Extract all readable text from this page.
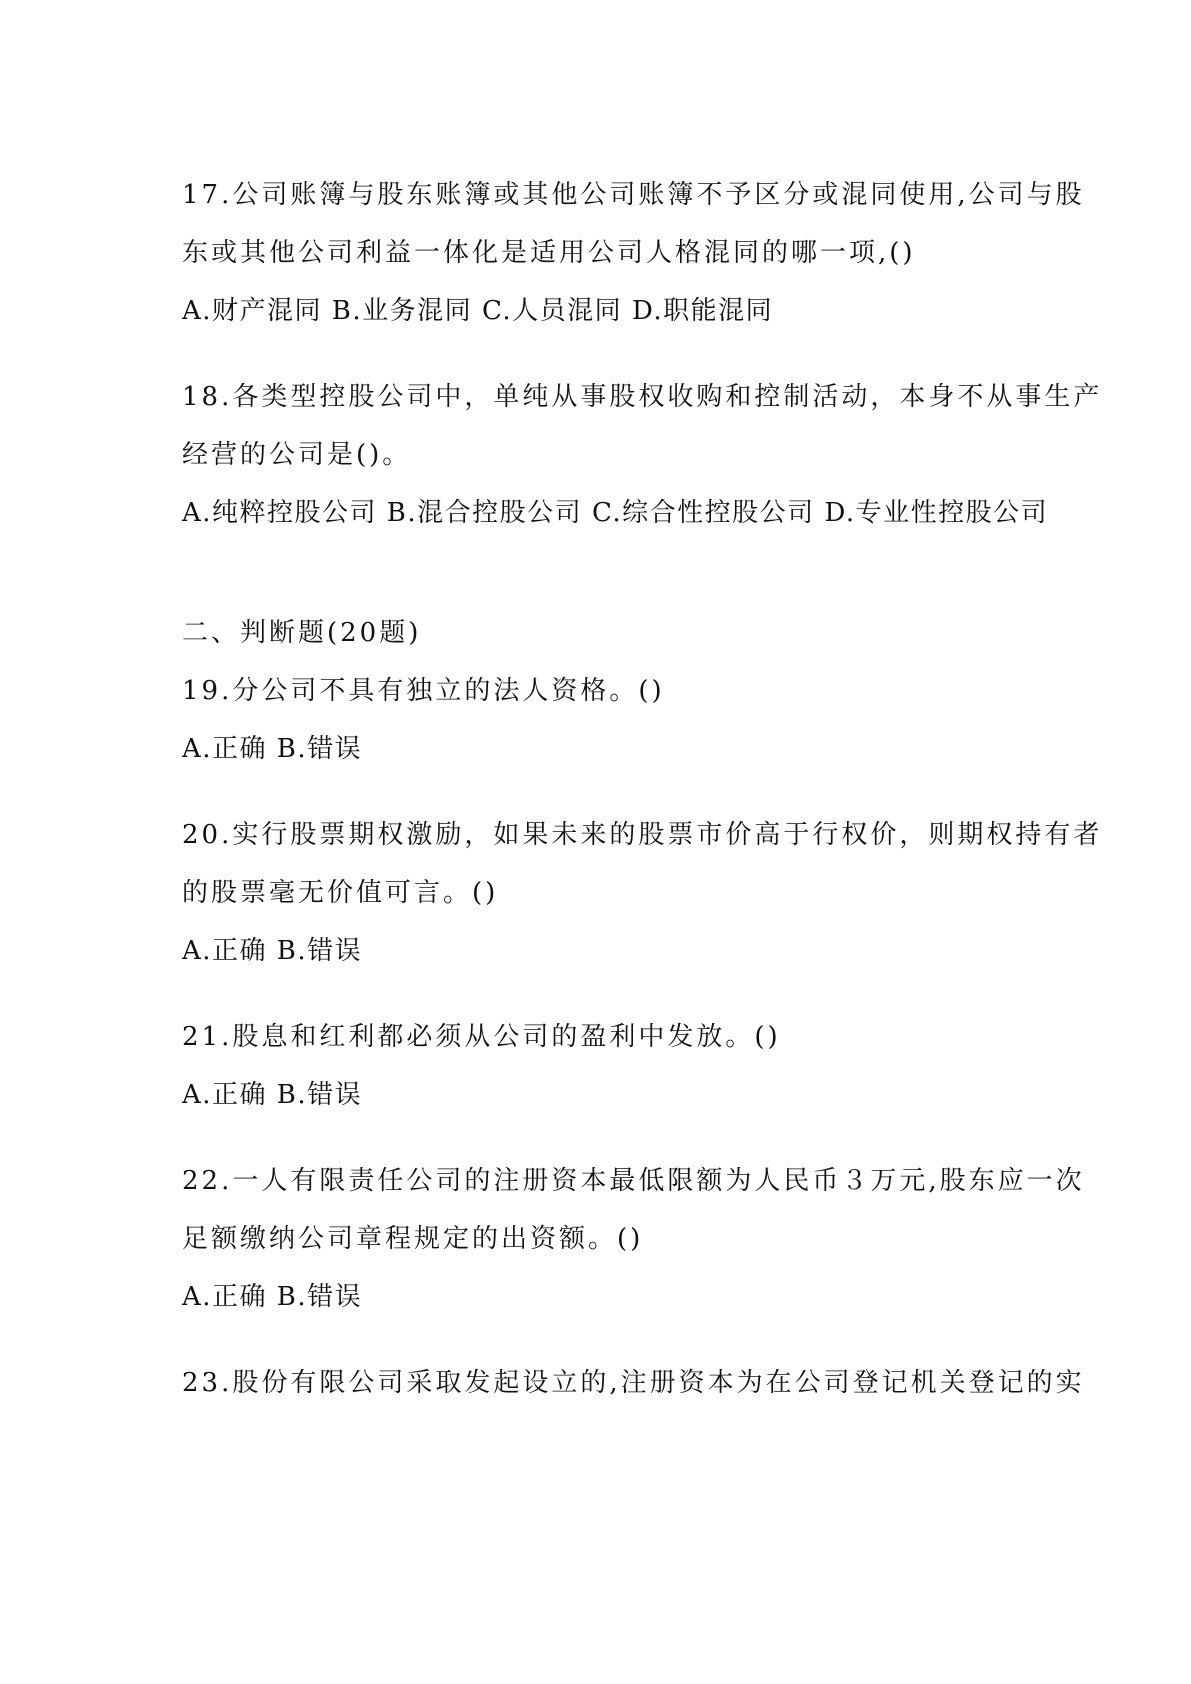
17.公司账簿与股东账簿或其他公司账簿不予区分或混同使用,公司与股
东或其他公司利益一体化是适用公司人格混同的哪一项,()
A.财产混同 B.业务混同 C.人员混同 D.职能混同
18.各类型控股公司中，单纯从事股权收购和控制活动，本身不从事生产
经营的公司是()。
A.纯粹控股公司 B.混合控股公司 C.综合性控股公司 D.专业性控股公司
二、判断题(20题)
19.分公司不具有独立的法人资格。()
A.正确 B.错误
20.实行股票期权激励，如果未来的股票市价高于行权价，则期权持有者
的股票毫无价值可言。()
A.正确 B.错误
21.股息和红利都必须从公司的盈利中发放。()
A.正确 B.错误
22.一人有限责任公司的注册资本最低限额为人民币３万元,股东应一次
足额缴纳公司章程规定的出资额。()
A.正确 B.错误
23.股份有限公司采取发起设立的,注册资本为在公司登记机关登记的实
